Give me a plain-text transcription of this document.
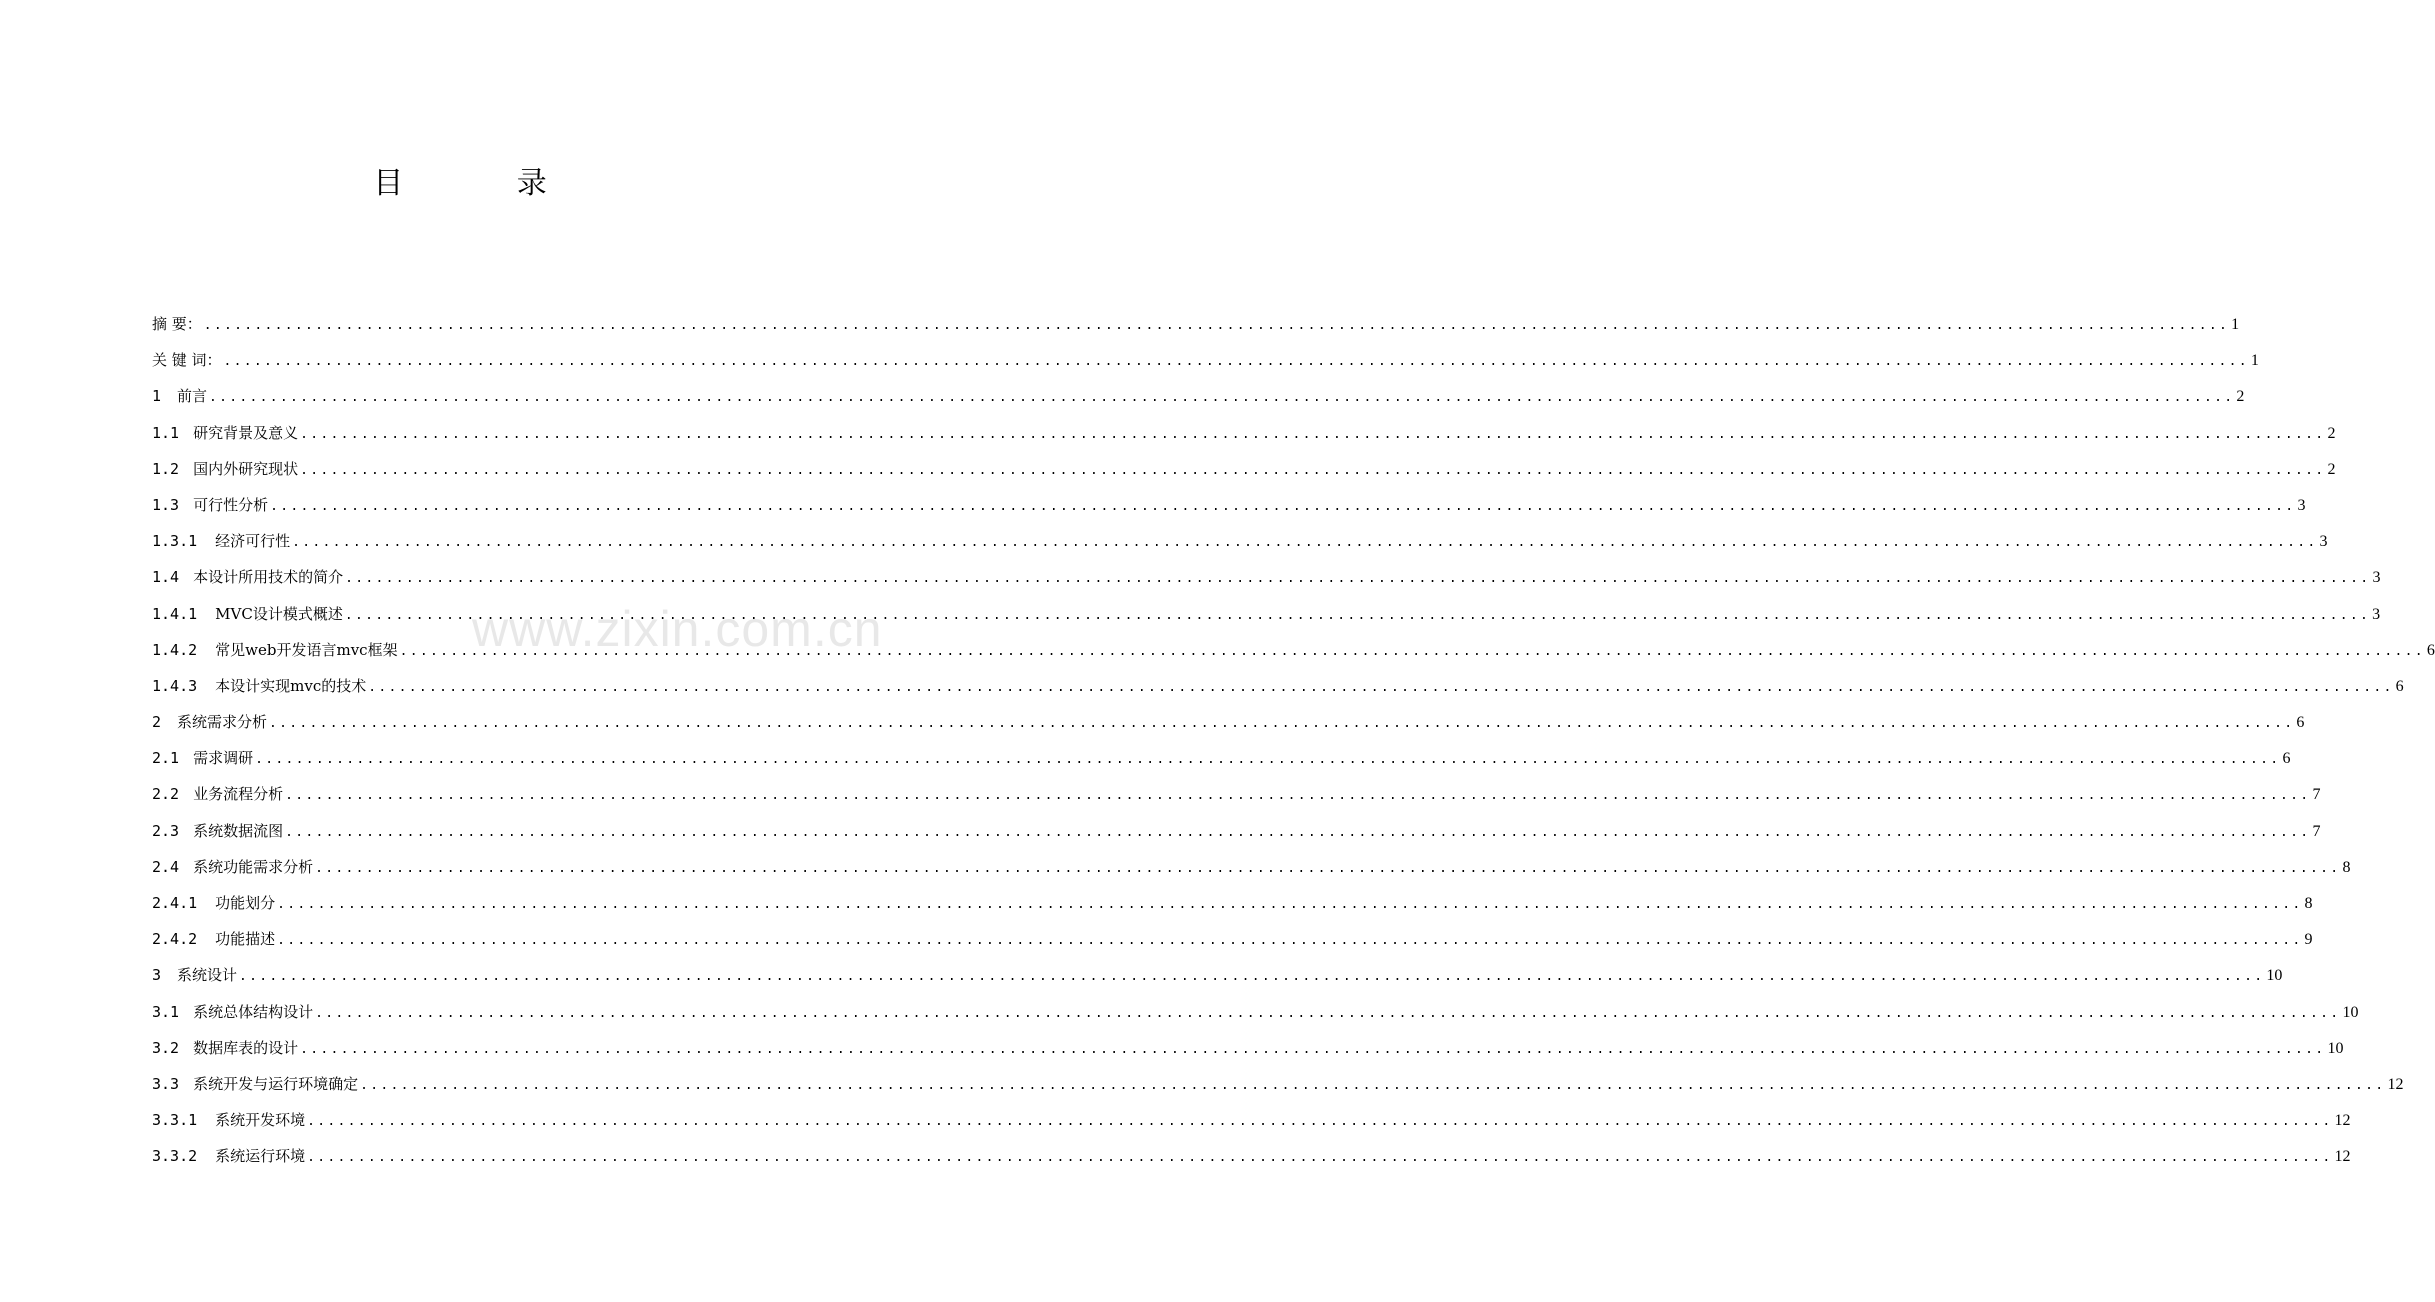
目 录
摘 要： ........................................................................................................................................................................................................ 1
关 键 词： ........................................................................................................................................................................................................ 1
1	前言 ........................................................................................................................................................................................................ 2
1.1 研究背景及意义 ........................................................................................................................................................................................................ 2
1.2 国内外研究现状 ........................................................................................................................................................................................................ 2
1.3 可行性分析 ........................................................................................................................................................................................................ 3
1.3.1	经济可行性 ........................................................................................................................................................................................................ 3
1.4 本设计所用技术的简介 ........................................................................................................................................................................................................ 3
1.4.1	MVC设计模式概述 ........................................................................................................................................................................................................ 3
1.4.2	常见web开发语言mvc框架 ........................................................................................................................................................................................................ 6
1.4.3	本设计实现mvc的技术 ........................................................................................................................................................................................................ 6
2	系统需求分析 ........................................................................................................................................................................................................ 6
2.1 需求调研 ........................................................................................................................................................................................................ 6
2.2 业务流程分析 ........................................................................................................................................................................................................ 7
2.3 系统数据流图 ........................................................................................................................................................................................................ 7
2.4 系统功能需求分析 ........................................................................................................................................................................................................ 8
2.4.1	功能划分 ........................................................................................................................................................................................................ 8
2.4.2	功能描述 ........................................................................................................................................................................................................ 9
3	系统设计 ........................................................................................................................................................................................................ 10
3.1 系统总体结构设计 ........................................................................................................................................................................................................ 10
3.2 数据库表的设计 ........................................................................................................................................................................................................ 10
3.3 系统开发与运行环境确定 ........................................................................................................................................................................................................ 12
3.3.1	系统开发环境 ........................................................................................................................................................................................................ 12
3.3.2	系统运行环境 ........................................................................................................................................................................................................ 12
www.zixin.com.cn
